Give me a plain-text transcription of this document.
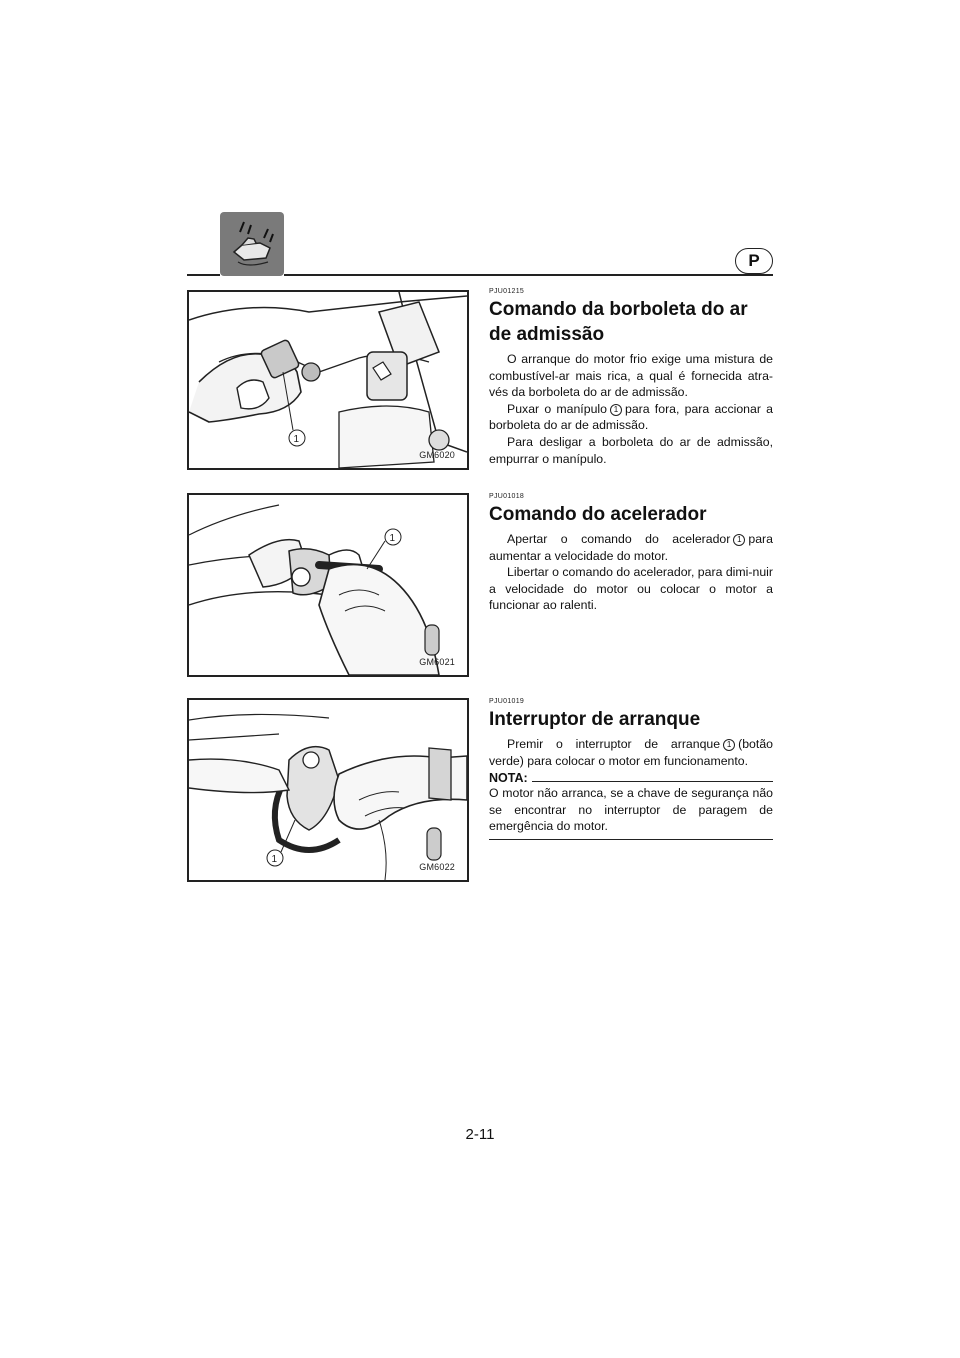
P
1
GM6020
1
GM6021
1
GM6022
PJU01215
Comando da borboleta do ar de admissão

O arranque do motor frio exige uma mistura de combustível-ar mais rica, a qual é fornecida atra-vés da borboleta do ar de admissão.

Puxar o manípulo 1 para fora, para accionar a borboleta do ar de admissão.

Para desligar a borboleta do ar de admissão, empurrar o manípulo.

PJU01018
Comando do acelerador

Apertar o comando do acelerador 1 para aumentar a velocidade do motor.

Libertar o comando do acelerador, para dimi-nuir a velocidade do motor ou colocar o motor a funcionar ao ralenti.

PJU01019
Interruptor de arranque

Premir o interruptor de arranque 1 (botão verde) para colocar o motor em funcionamento.

NOTA:

O motor não arranca, se a chave de segurança não se encontrar no interruptor de paragem de emergência do motor.

2-11
